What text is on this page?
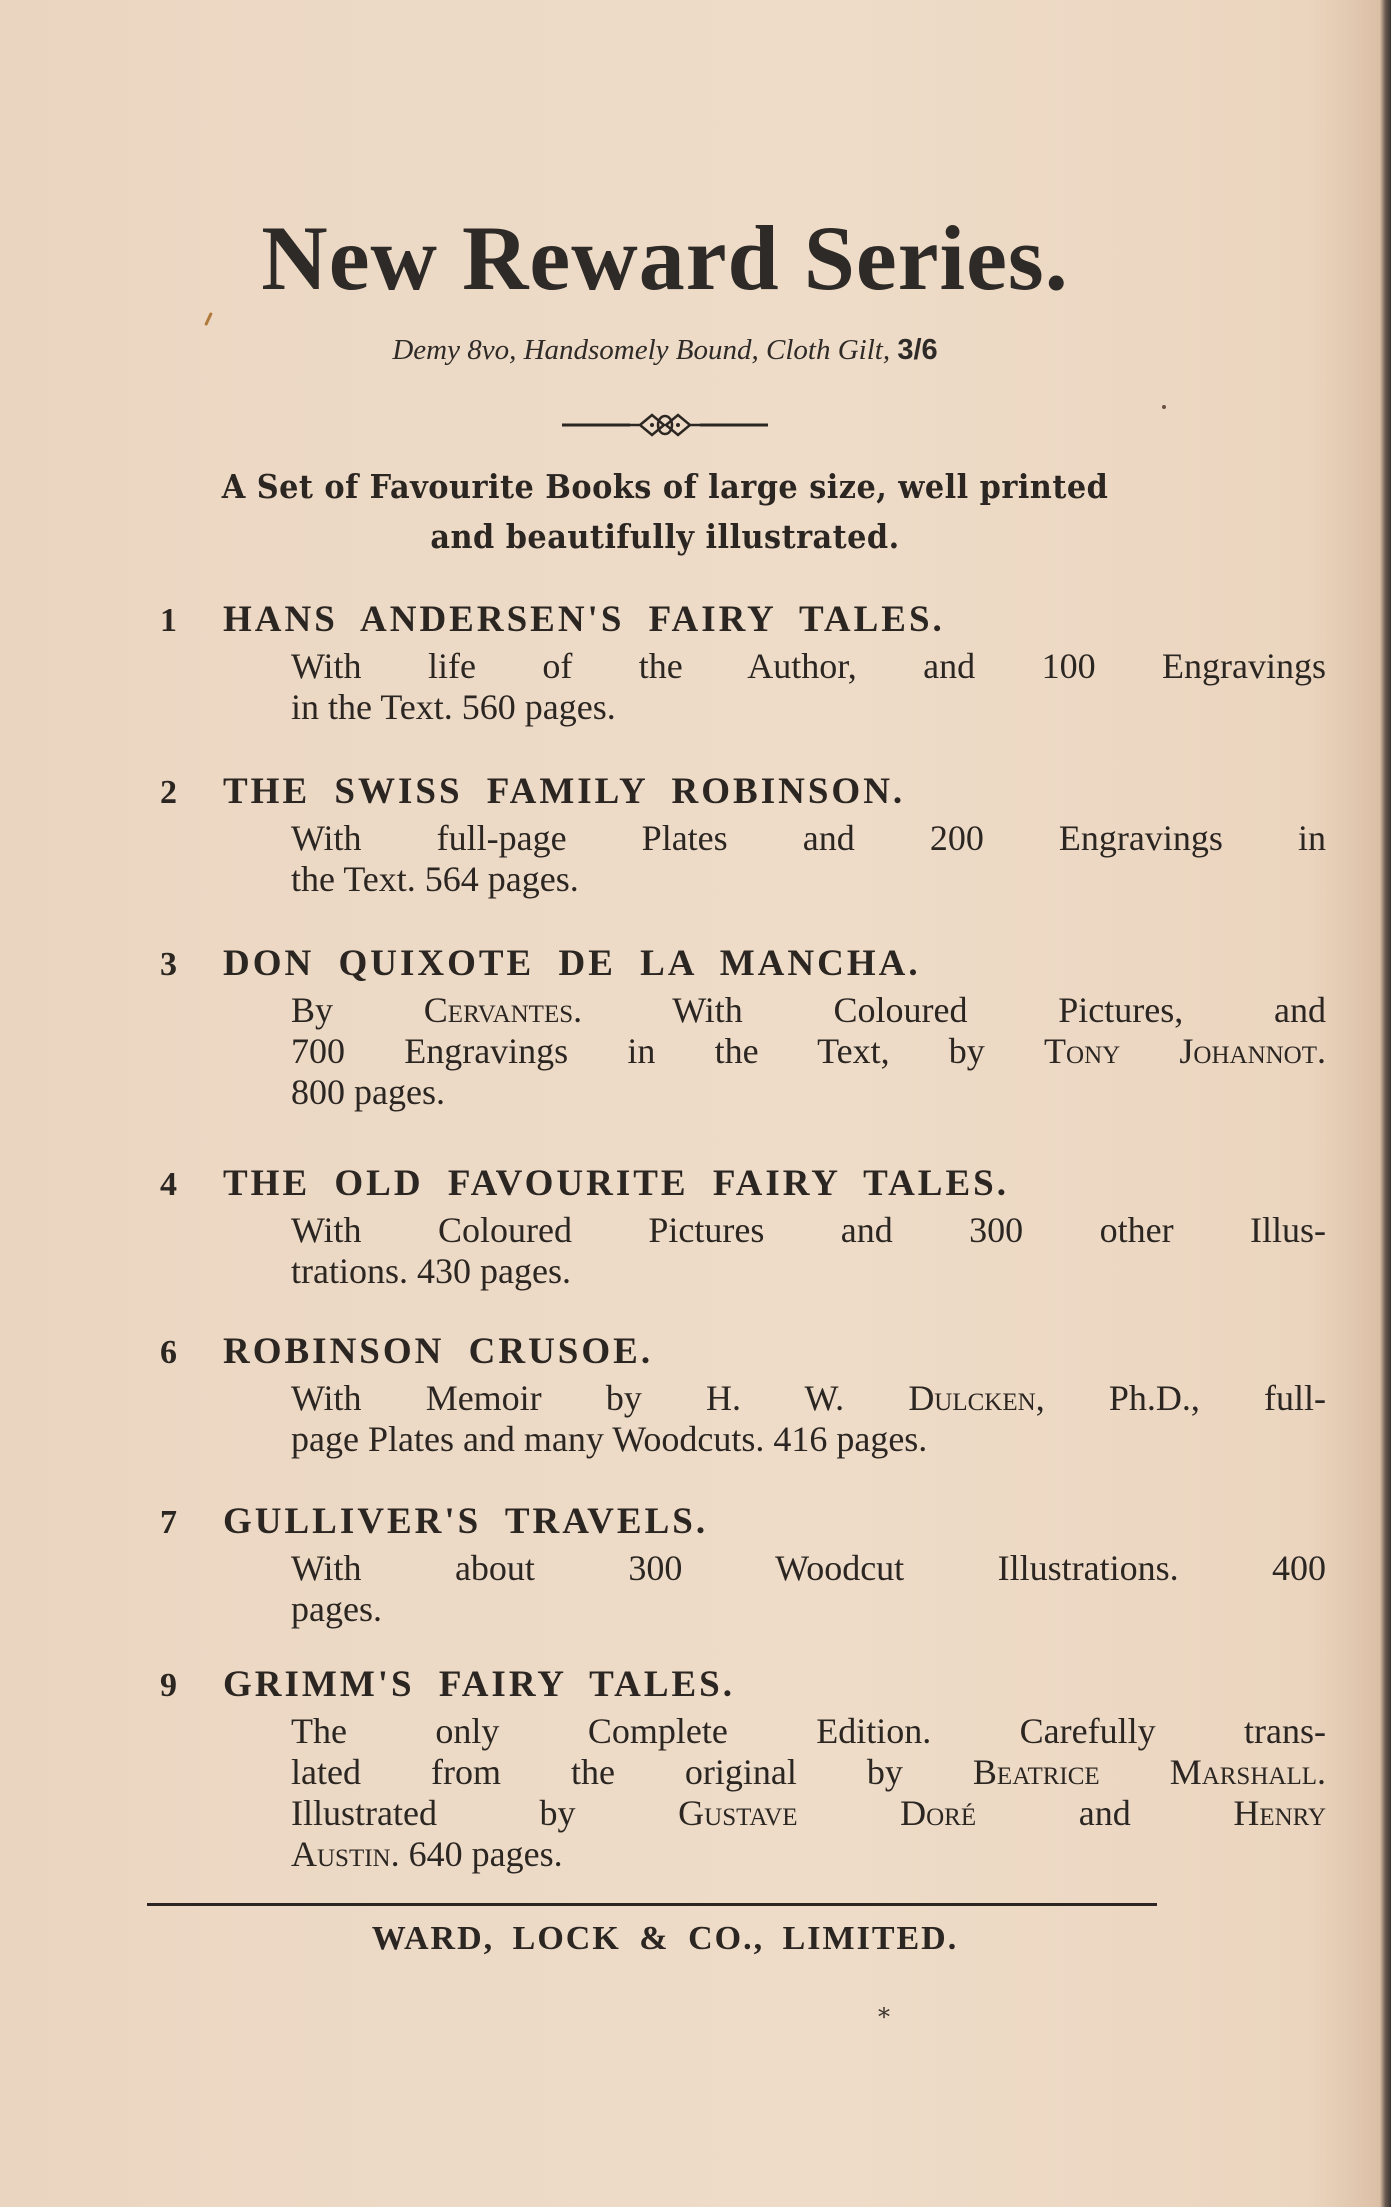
New Reward Series.
Demy 8vo, Handsomely Bound, Cloth Gilt, 3/6
A Set of Favourite Books of large size, well printed
and beautifully illustrated.
1 HANS ANDERSEN'S FAIRY TALES.
With life of the Author, and 100 Engravings
in the Text. 560 pages.
2 THE SWISS FAMILY ROBINSON.
With full-page Plates and 200 Engravings in
the Text. 564 pages.
3 DON QUIXOTE DE LA MANCHA.
By Cervantes. With Coloured Pictures, and
700 Engravings in the Text, by Tony Johannot.
800 pages.
4 THE OLD FAVOURITE FAIRY TALES.
With Coloured Pictures and 300 other Illus-
trations. 430 pages.
6 ROBINSON CRUSOE.
With Memoir by H. W. Dulcken, Ph.D., full-
page Plates and many Woodcuts. 416 pages.
7 GULLIVER'S TRAVELS.
With about 300 Woodcut Illustrations. 400
pages.
9 GRIMM'S FAIRY TALES.
The only Complete Edition. Carefully trans-
lated from the original by Beatrice Marshall.
Illustrated by Gustave Doré and Henry
Austin. 640 pages.
WARD, LOCK & CO., LIMITED.
*
